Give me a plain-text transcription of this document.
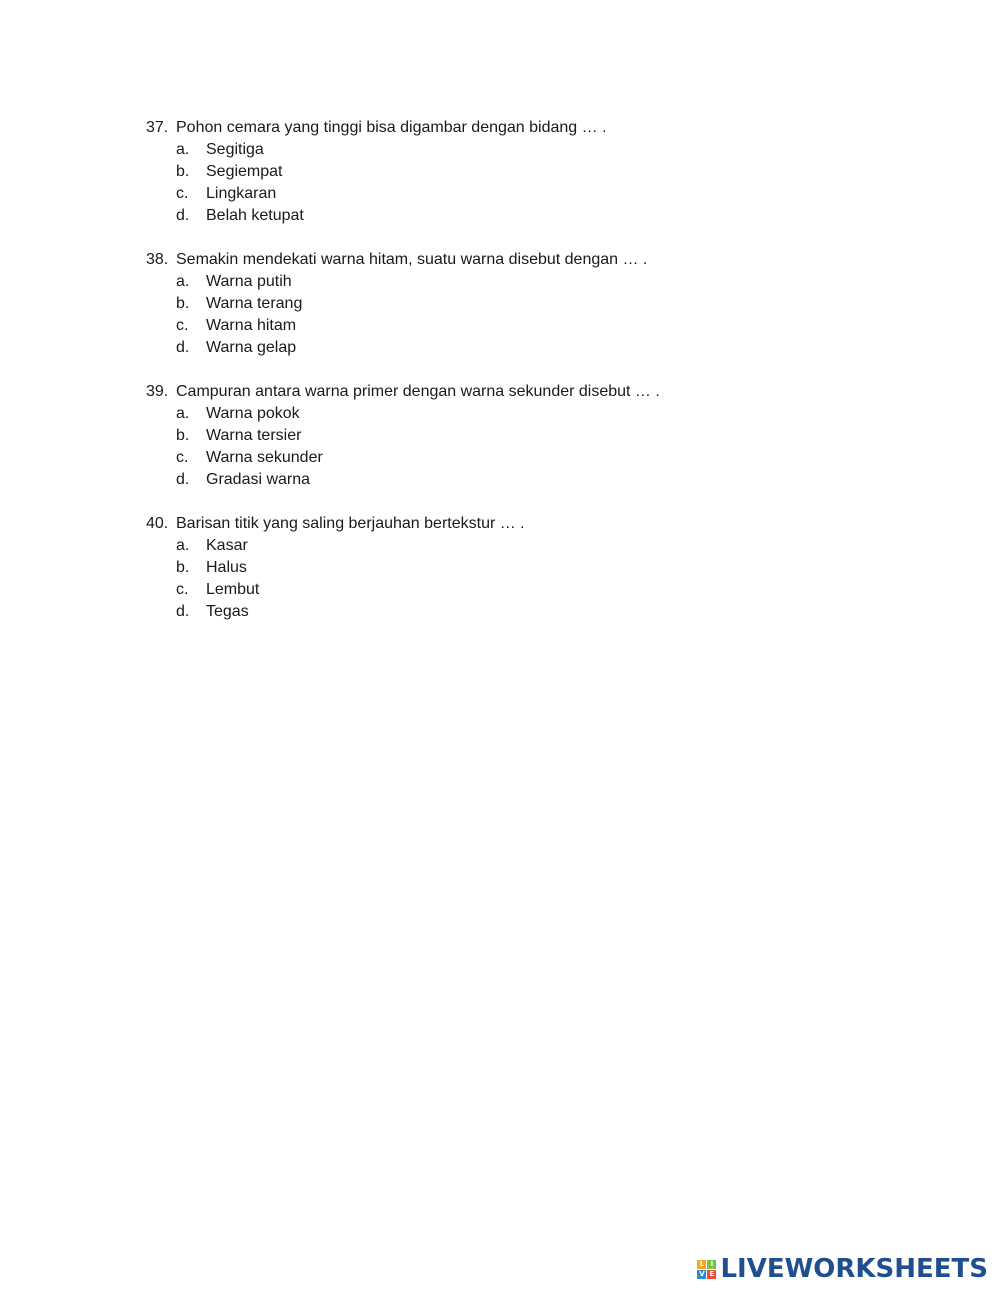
37. Pohon cemara yang tinggi bisa digambar dengan bidang … .
a.	Segitiga
b.	Segiempat
c.	Lingkaran
d.	Belah ketupat
38. Semakin mendekati warna hitam, suatu warna disebut dengan … .
a.	Warna putih
b.	Warna terang
c.	Warna hitam
d.	Warna gelap
39. Campuran antara warna primer dengan warna sekunder disebut … .
a.	Warna pokok
b.	Warna tersier
c.	Warna sekunder
d.	Gradasi warna
40. Barisan titik yang saling berjauhan bertekstur … .
a.	Kasar
b.	Halus
c.	Lembut
d.	Tegas
L I
V E LIVEWORKSHEETS
